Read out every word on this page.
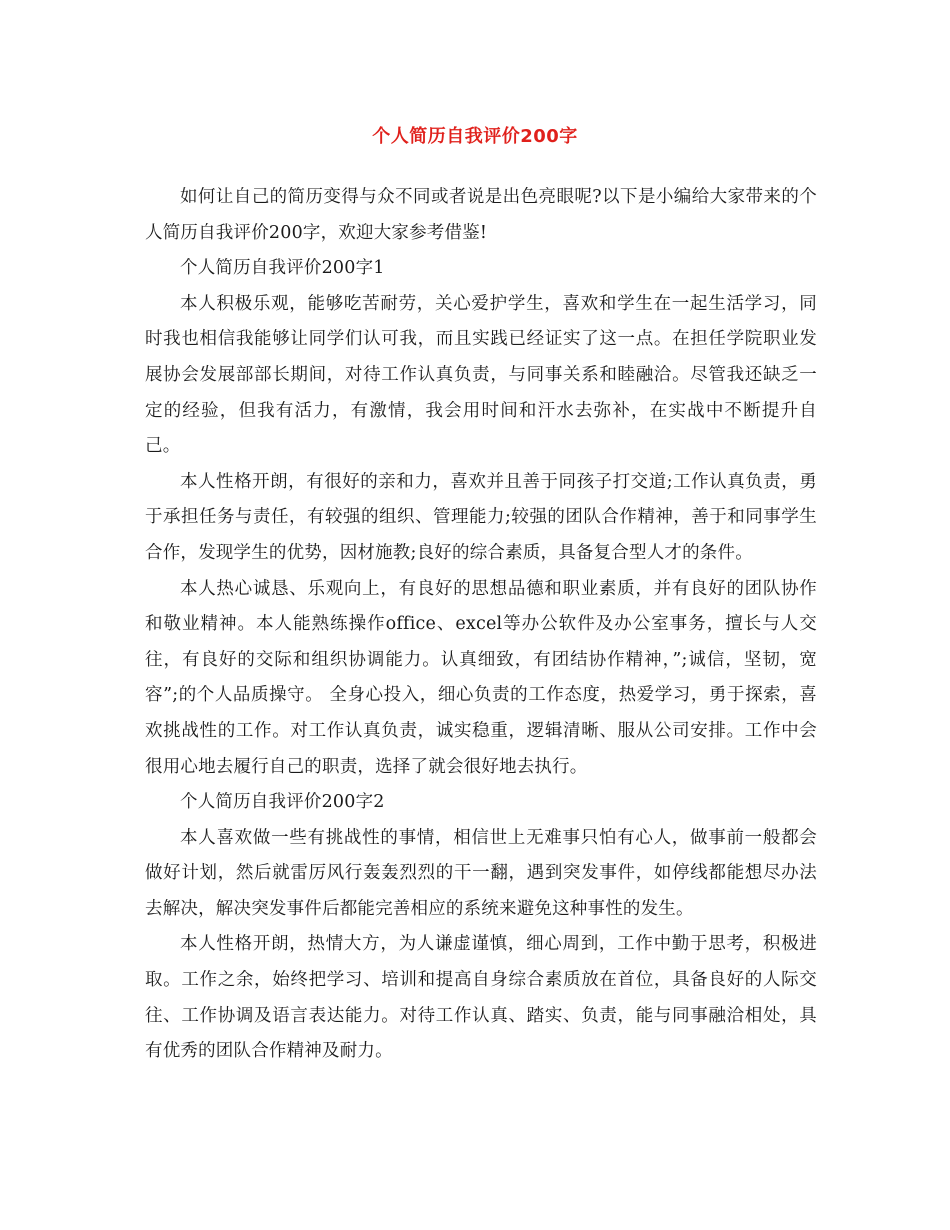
个人简历自我评价200字

如何让自己的简历变得与众不同或者说是出色亮眼呢?以下是小编给大家带来的个人简历自我评价200字，欢迎大家参考借鉴!

个人简历自我评价200字1

本人积极乐观，能够吃苦耐劳，关心爱护学生，喜欢和学生在一起生活学习，同时我也相信我能够让同学们认可我，而且实践已经证实了这一点。在担任学院职业发展协会发展部部长期间，对待工作认真负责，与同事关系和睦融洽。尽管我还缺乏一定的经验，但我有活力，有激情，我会用时间和汗水去弥补，在实战中不断提升自己。

本人性格开朗，有很好的亲和力，喜欢并且善于同孩子打交道;工作认真负责，勇于承担任务与责任，有较强的组织、管理能力;较强的团队合作精神，善于和同事学生合作，发现学生的优势，因材施教;良好的综合素质，具备复合型人才的条件。

本人热心诚恳、乐观向上，有良好的思想品德和职业素质，并有良好的团队协作和敬业精神。本人能熟练操作office、excel等办公软件及办公室事务，擅长与人交往，有良好的交际和组织协调能力。认真细致，有团结协作精神，”;诚信，坚韧，宽容”;的个人品质操守。 全身心投入，细心负责的工作态度，热爱学习，勇于探索，喜欢挑战性的工作。对工作认真负责，诚实稳重，逻辑清晰、服从公司安排。工作中会很用心地去履行自己的职责，选择了就会很好地去执行。

个人简历自我评价200字2

本人喜欢做一些有挑战性的事情，相信世上无难事只怕有心人，做事前一般都会做好计划，然后就雷厉风行轰轰烈烈的干一翻，遇到突发事件，如停线都能想尽办法去解决，解决突发事件后都能完善相应的系统来避免这种事性的发生。

本人性格开朗，热情大方，为人谦虚谨慎，细心周到，工作中勤于思考，积极进取。工作之余，始终把学习、培训和提高自身综合素质放在首位，具备良好的人际交往、工作协调及语言表达能力。对待工作认真、踏实、负责，能与同事融洽相处，具有优秀的团队合作精神及耐力。
